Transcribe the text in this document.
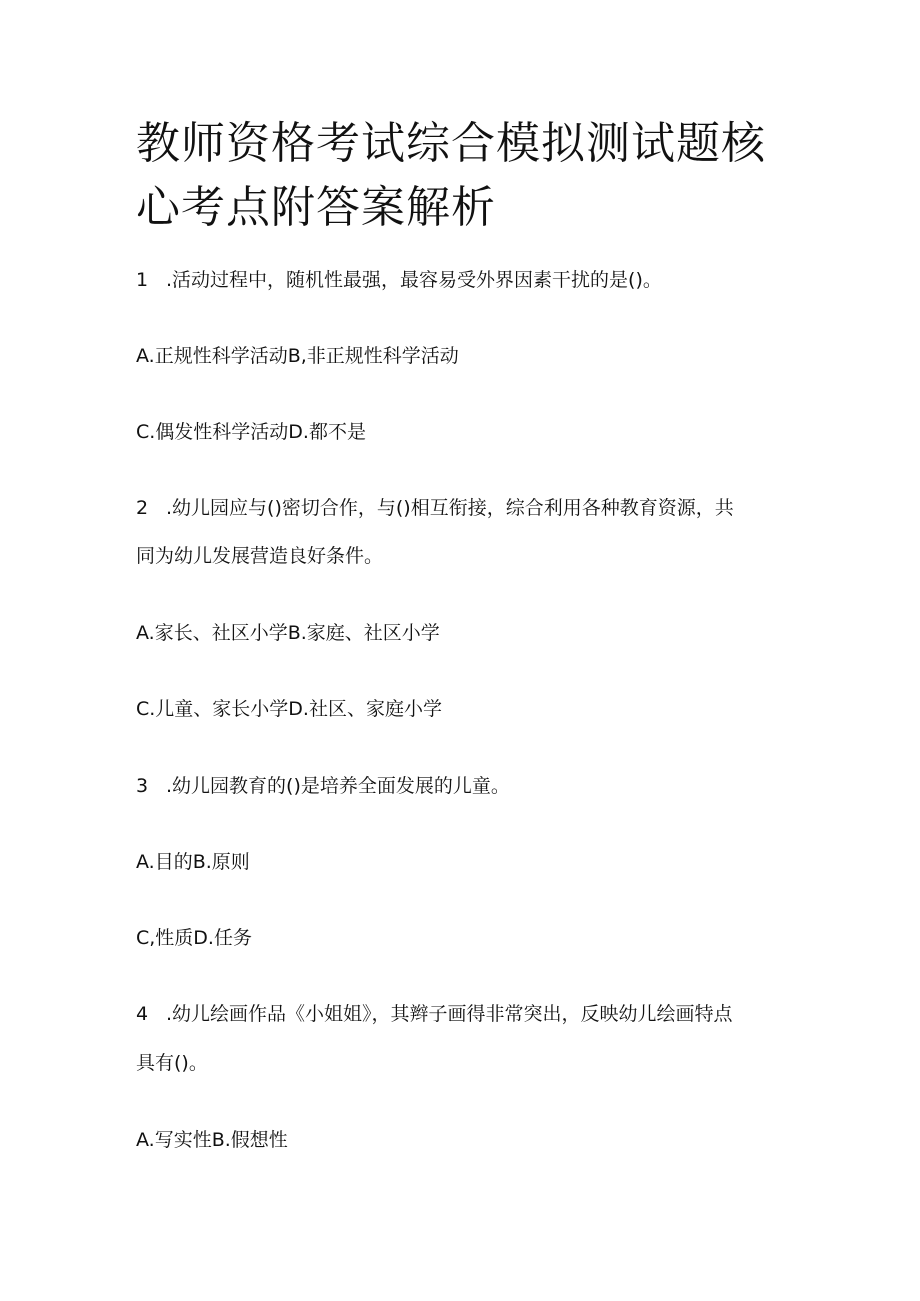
教师资格考试综合模拟测试题核心考点附答案解析

1 .活动过程中，随机性最强，最容易受外界因素干扰的是()。

A.正规性科学活动B,非正规性科学活动

C.偶发性科学活动D.都不是

2 .幼儿园应与()密切合作，与()相互衔接，综合利用各种教育资源，共

同为幼儿发展营造良好条件。

A.家长、社区小学B.家庭、社区小学

C.儿童、家长小学D.社区、家庭小学

3 .幼儿园教育的()是培养全面发展的儿童。

A.目的B.原则

C,性质D.任务

4 .幼儿绘画作品《小姐姐》，其辫子画得非常突出，反映幼儿绘画特点

具有()。

A.写实性B.假想性
